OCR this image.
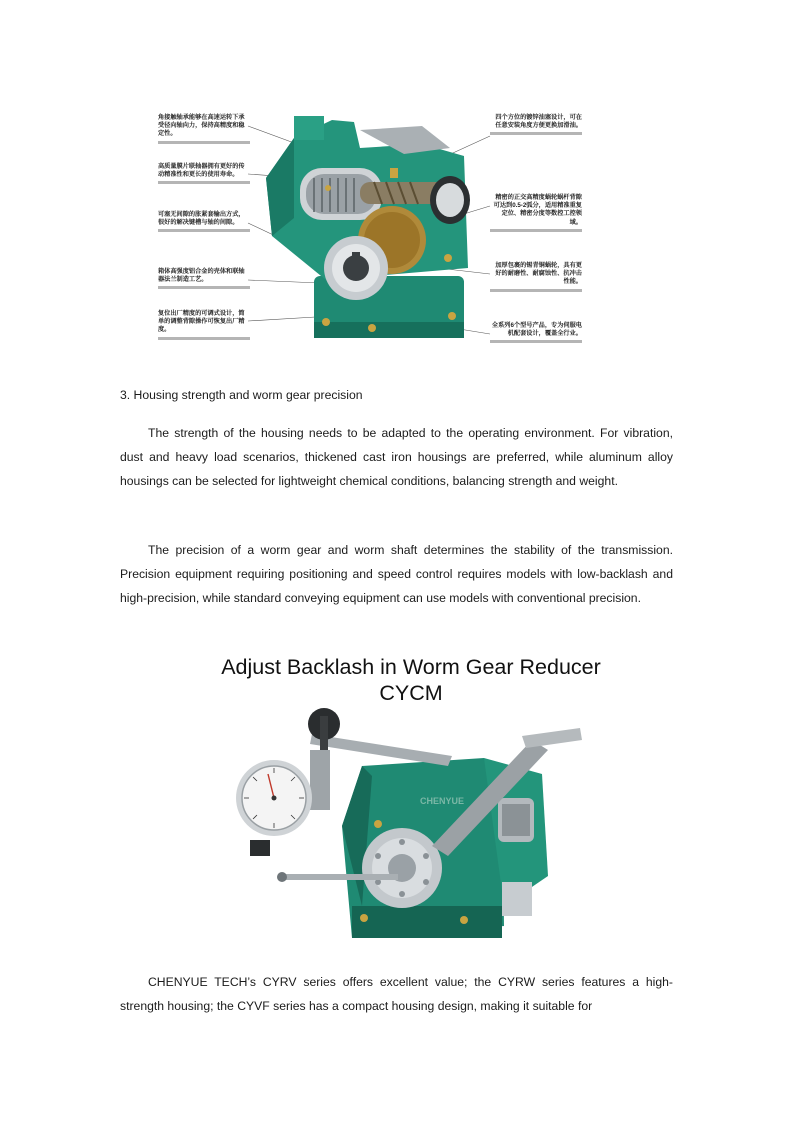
角接触轴承能够在高速运转下承受径向轴向力，保持高精度和稳定性。
高质量膜片联轴器拥有更好的传动精准性和更长的使用寿命。
可塞无间隙的胀紧套输出方式，很好的解决键槽与轴的间隙。
箱体高强度铝合金的壳体和联轴器法兰制造工艺。
复位出厂精度的可调式设计，简单的调整背隙操作可恢复出厂精度。
四个方位的镀锌油塞设计，可在任意安装角度方便更换加滑油。
精密的正交高精度蜗轮蜗杆背隙可达到0.5-2弧分，适用精准重复定位、精密分度等数控工控领域。
加厚包裹的锡青铜蜗轮，具有更好的耐磨性、耐腐蚀性、抗冲击性能。
全系列6个型号产品，专为伺服电机配套设计，覆盖全行业。
3. Housing strength and worm gear precision

The strength of the housing needs to be adapted to the operating environment. For vibration, dust and heavy load scenarios, thickened cast iron housings are preferred, while aluminum alloy housings can be selected for lightweight chemical conditions, balancing strength and weight.

The precision of a worm gear and worm shaft determines the stability of the transmission. Precision equipment requiring positioning and speed control requires models with low-backlash and high-precision, while standard conveying equipment can use models with conventional precision.

Adjust Backlash in Worm Gear Reducer
CYCM
CHENYUE

CHENYUE TECH’s CYRV series offers excellent value; the CYRW series features a high-strength housing; the CYVF series has a compact housing design, making it suitable for
